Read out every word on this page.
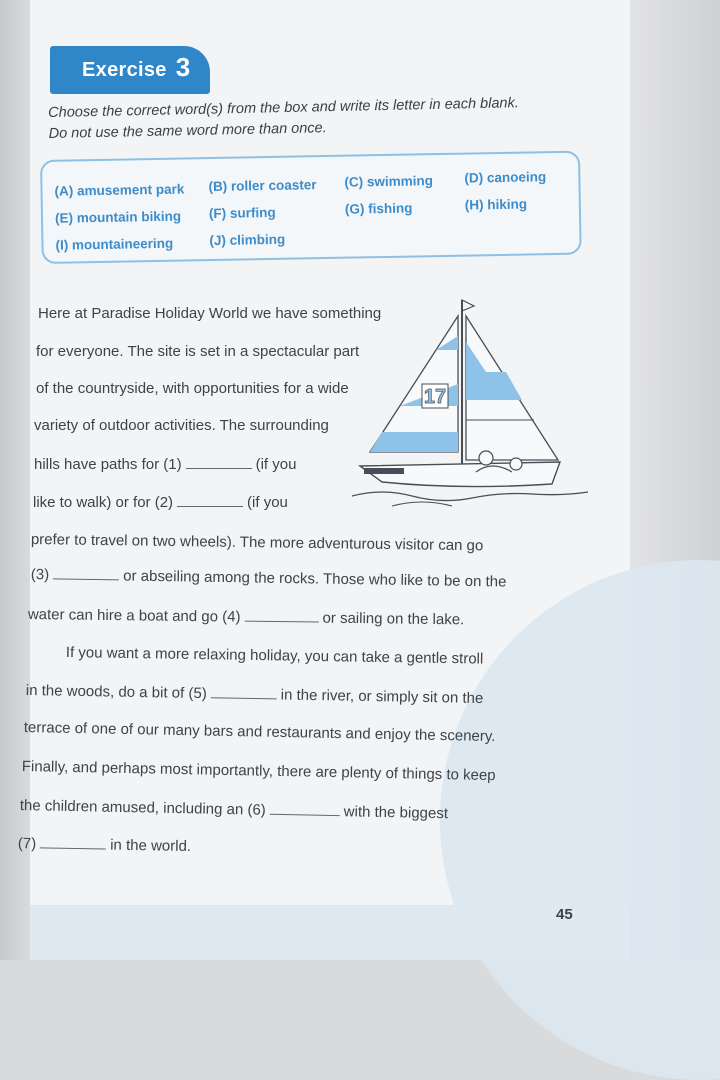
Exercise 3
Choose the correct word(s) from the box and write its letter in each blank.
Do not use the same word more than once.
(A) amusement park (B) roller coaster (C) swimming (D) canoeing
(E) mountain biking (F) surfing	(G) fishing	(H) hiking
(I) mountaineering	(J) climbing
17
Here at Paradise Holiday World we have something
for everyone. The site is set in a spectacular part
of the countryside, with opportunities for a wide
variety of outdoor activities. The surrounding
hills have paths for (1)	(if you
like to walk) or for (2)	(if you
prefer to travel on two wheels). The more adventurous visitor can go
(3)	or abseiling among the rocks. Those who like to be on the
water can hire a boat and go (4)	or sailing on the lake.
If you want a more relaxing holiday, you can take a gentle stroll
in the woods, do a bit of (5)	in the river, or simply sit on the
terrace of one of our many bars and restaurants and enjoy the scenery.
Finally, and perhaps most importantly, there are plenty of things to keep
the children amused, including an (6)	with the biggest
(7)	in the world.
45
